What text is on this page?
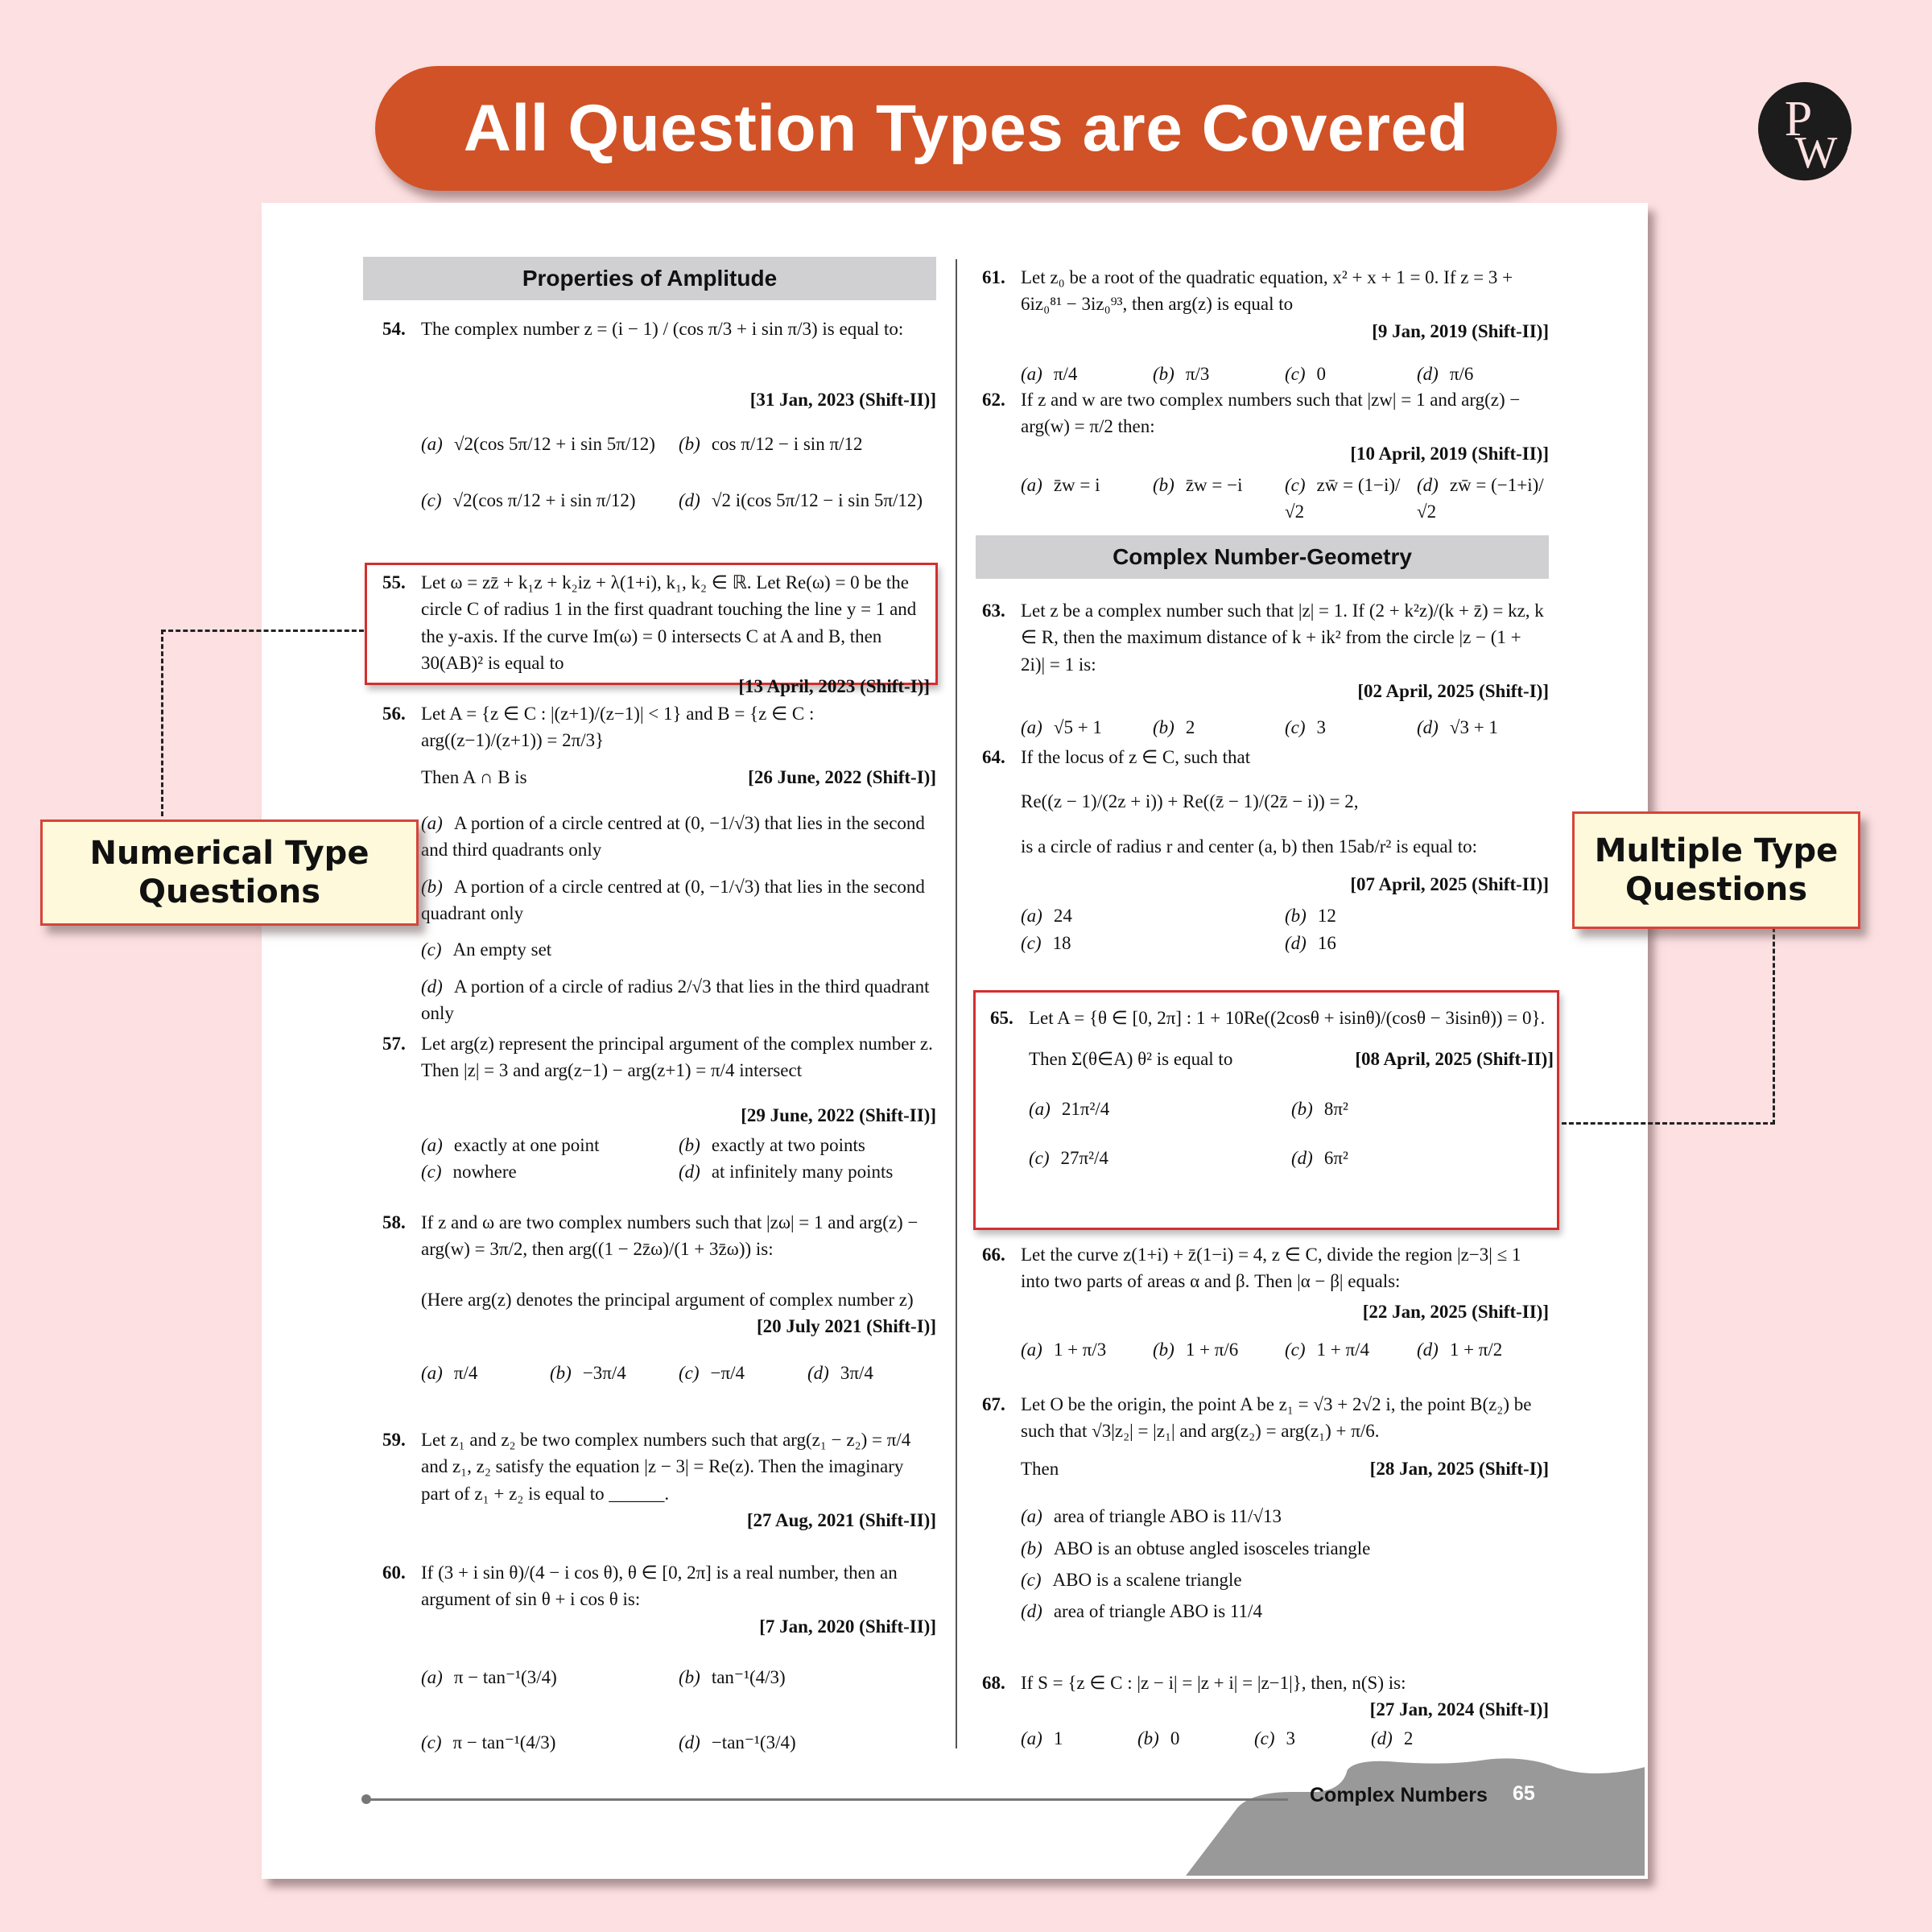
All Question Types are Covered	P
W
Properties of Amplitude
54. The complex number z = (i − 1) / (cos π/3 + i sin π/3) is equal to:
[31 Jan, 2023 (Shift-II)]
(a) √2(cos 5π/12 + i sin 5π/12)	(b) cos π/12 − i sin π/12
(c) √2(cos π/12 + i sin π/12)	(d) √2 i(cos 5π/12 − i sin 5π/12)
55. Let ω = zz̄ + k₁z + k₂iz + λ(1+i), k₁, k₂ ∈ ℝ. Let Re(ω) = 0 be the circle C of radius 1 in the first quadrant touching the line y = 1 and the y-axis. If the curve Im(ω) = 0 intersects C at A and B, then 30(AB)² is equal to
[13 April, 2023 (Shift-I)]
56. Let A = {z ∈ C : |(z+1)/(z−1)| < 1} and B = {z ∈ C : arg((z−1)/(z+1)) = 2π/3}
Then A ∩ B is	[26 June, 2022 (Shift-I)]
(a) A portion of a circle centred at (0, −1/√3) that lies in the second and third quadrants only
(b) A portion of a circle centred at (0, −1/√3) that lies in the second quadrant only
(c) An empty set
(d) A portion of a circle of radius 2/√3 that lies in the third quadrant only
57. Let arg(z) represent the principal argument of the complex number z. Then |z| = 3 and arg(z−1) − arg(z+1) = π/4 intersect
[29 June, 2022 (Shift-II)]
(a) exactly at one point	(b) exactly at two points
(c) nowhere	(d) at infinitely many points
58. If z and ω are two complex numbers such that |zω| = 1 and arg(z) − arg(w) = 3π/2, then arg((1 − 2z̄ω)/(1 + 3z̄ω)) is:
(Here arg(z) denotes the principal argument of complex number z)
[20 July 2021 (Shift-I)]
(a) π/4	(b) −3π/4	(c) −π/4	(d) 3π/4
59. Let z₁ and z₂ be two complex numbers such that arg(z₁ − z₂) = π/4 and z₁, z₂ satisfy the equation |z − 3| = Re(z). Then the imaginary part of z₁ + z₂ is equal to ______.
[27 Aug, 2021 (Shift-II)]
60. If (3 + i sin θ)/(4 − i cos θ), θ ∈ [0, 2π] is a real number, then an argument of sin θ + i cos θ is:
[7 Jan, 2020 (Shift-II)]
(a) π − tan⁻¹(3/4)	(b) tan⁻¹(4/3)
(c) π − tan⁻¹(4/3)	(d) −tan⁻¹(3/4)
61. Let z₀ be a root of the quadratic equation, x² + x + 1 = 0. If z = 3 + 6iz₀⁸¹ − 3iz₀⁹³, then arg(z) is equal to
[9 Jan, 2019 (Shift-II)]
(a) π/4	(b) π/3	(c) 0	(d) π/6
62. If z and w are two complex numbers such that |zw| = 1 and arg(z) − arg(w) = π/2 then:
[10 April, 2019 (Shift-II)]
(a) z̄w = i	(b) z̄w = −i	(c) zw̄ = (1−i)/√2
(d) zw̄ = (−1+i)/√2
Complex Number-Geometry
63. Let z be a complex number such that |z| = 1. If (2 + k²z)/(k + z̄) = kz, k ∈ R, then the maximum distance of k + ik² from the circle |z − (1 + 2i)| = 1 is:
[02 April, 2025 (Shift-I)]
(a) √5 + 1	(b) 2	(c) 3	(d) √3 + 1
64. If the locus of z ∈ C, such that
Re((z − 1)/(2z + i)) + Re((z̄ − 1)/(2z̄ − i)) = 2,
is a circle of radius r and center (a, b) then 15ab/r² is equal to:
[07 April, 2025 (Shift-II)]
(a) 24	(b) 12
(c) 18	(d) 16
65. Let A = {θ ∈ [0, 2π] : 1 + 10Re((2cosθ + isinθ)/(cosθ − 3isinθ)) = 0}.
Then Σ(θ∈A) θ² is equal to	[08 April, 2025 (Shift-II)]
(a) 21π²/4	(b) 8π²
(c) 27π²/4	(d) 6π²
66. Let the curve z(1+i) + z̄(1−i) = 4, z ∈ C, divide the region |z−3| ≤ 1 into two parts of areas α and β. Then |α − β| equals:
[22 Jan, 2025 (Shift-II)]
(a) 1 + π/3	(b) 1 + π/6	(c) 1 + π/4	(d) 1 + π/2
67. Let O be the origin, the point A be z₁ = √3 + 2√2 i, the point B(z₂) be such that √3|z₂| = |z₁| and arg(z₂) = arg(z₁) + π/6.
Then	[28 Jan, 2025 (Shift-I)]
(a) area of triangle ABO is 11/√13
(b) ABO is an obtuse angled isosceles triangle
(c) ABO is a scalene triangle
(d) area of triangle ABO is 11/4
68. If S = {z ∈ C : |z − i| = |z + i| = |z−1|}, then, n(S) is:
[27 Jan, 2024 (Shift-I)]
(a) 1	(b) 0	(c) 3	(d) 2
Complex Numbers 65
Numerical Type
Questions
Multiple Type
Questions
